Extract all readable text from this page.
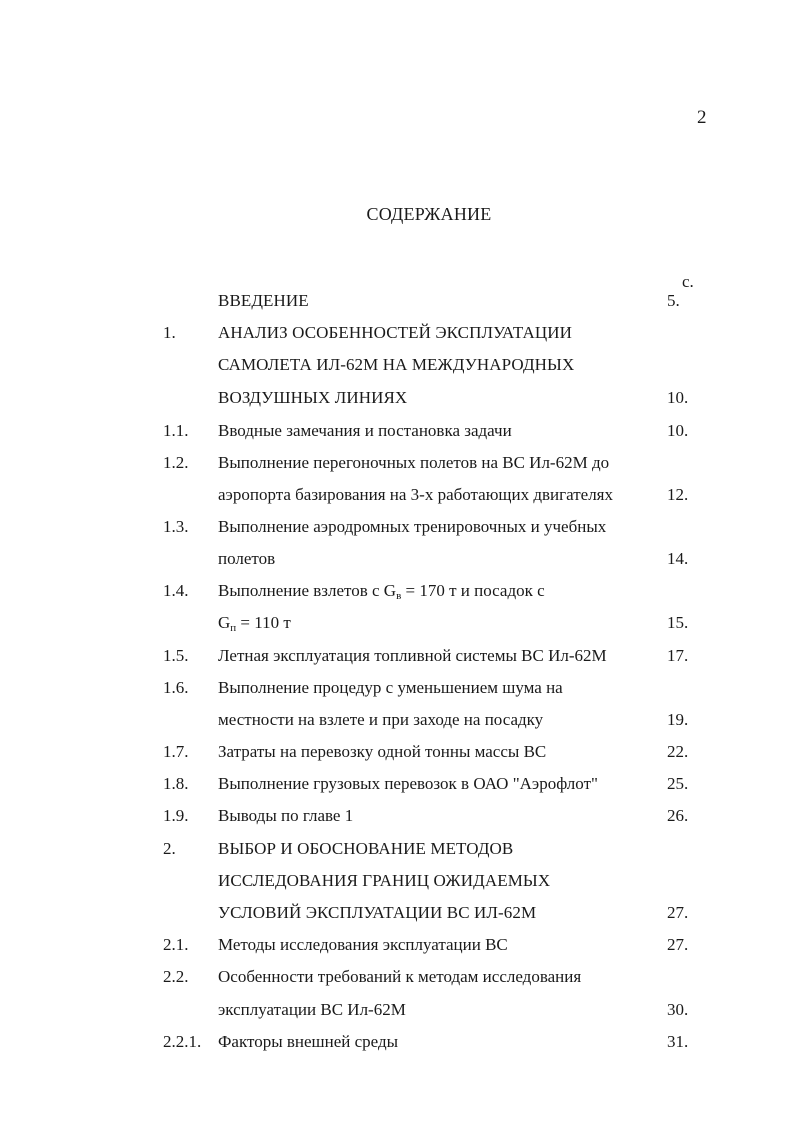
2
СОДЕРЖАНИЕ
с.
ВВЕДЕНИЕ	5.
1. АНАЛИЗ ОСОБЕННОСТЕЙ ЭКСПЛУАТАЦИИ
САМОЛЕТА ИЛ-62М НА МЕЖДУНАРОДНЫХ
ВОЗДУШНЫХ ЛИНИЯХ	10.
1.1. Вводные замечания и постановка задачи	10.
1.2. Выполнение перегоночных полетов на ВС Ил-62М до
аэропорта базирования на 3-х работающих двигателях	12.
1.3. Выполнение аэродромных тренировочных и учебных
полетов	14.
1.4. Выполнение взлетов с $G_в = 170$ т и посадок с
$G_п = 110$ т	15.
1.5. Летная эксплуатация топливной системы ВС Ил-62М	17.
1.6. Выполнение процедур с уменьшением шума на
местности на взлете и при заходе на посадку	19.
1.7. Затраты на перевозку одной тонны массы ВС	22.
1.8. Выполнение грузовых перевозок в ОАО "Аэрофлот"	25.
1.9. Выводы по главе 1	26.
2. ВЫБОР И ОБОСНОВАНИЕ МЕТОДОВ
ИССЛЕДОВАНИЯ ГРАНИЦ ОЖИДАЕМЫХ
УСЛОВИЙ ЭКСПЛУАТАЦИИ ВС ИЛ-62М	27.
2.1. Методы исследования эксплуатации ВС	27.
2.2. Особенности требований к методам исследования
эксплуатации ВС Ил-62М	30.
2.2.1. Факторы внешней среды	31.
